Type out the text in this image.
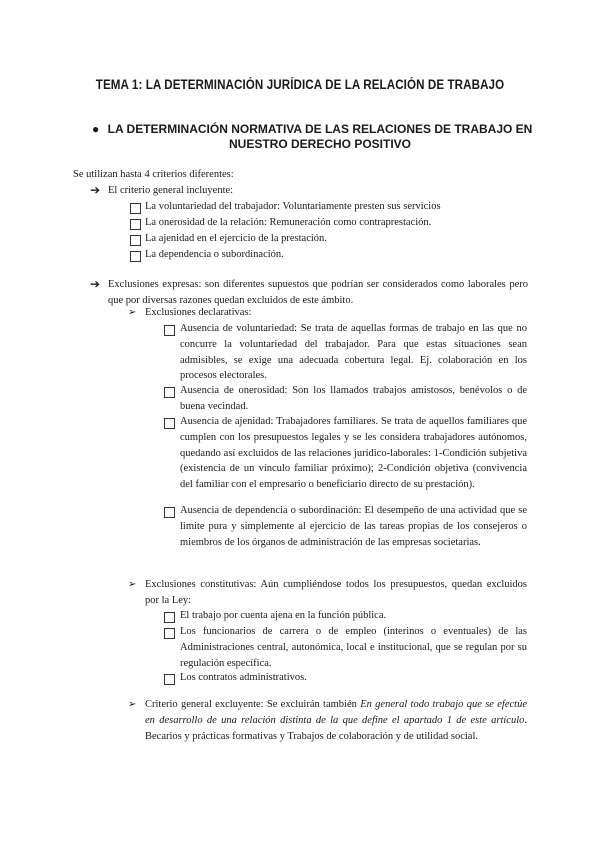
TEMA 1: LA DETERMINACIÓN JURÍDICA DE LA RELACIÓN DE TRABAJO
● LA DETERMINACIÓN NORMATIVA DE LAS RELACIONES DE TRABAJO EN NUESTRO DERECHO POSITIVO
Se utilizan hasta 4 criterios diferentes:
➔ El criterio general incluyente:
La voluntariedad del trabajador: Voluntariamente presten sus servicios
La onerosidad de la relación: Remuneración como contraprestación.
La ajenidad en el ejercicio de la prestación.
La dependencia o subordinación.
➔ Exclusiones expresas: son diferentes supuestos que podrían ser considerados como laborales pero que por diversas razones quedan excluidos de este ámbito.
➢ Exclusiones declarativas:
Ausencia de voluntariedad: Se trata de aquellas formas de trabajo en las que no concurre la voluntariedad del trabajador. Para que estas situaciones sean admisibles, se exige una adecuada cobertura legal. Ej. colaboración en los procesos electorales.
Ausencia de onerosidad: Son los llamados trabajos amistosos, benévolos o de buena vecindad.
Ausencia de ajenidad: Trabajadores familiares. Se trata de aquellos familiares que cumplen con los presupuestos legales y se les considera trabajadores autónomos, quedando así excluidos de las relaciones jurídico-laborales: 1-Condición subjetiva (existencia de un vínculo familiar próximo); 2-Condición objetiva (convivencia del familiar con el empresario o beneficiario directo de su prestación).
Ausencia de dependencia o subordinación: El desempeño de una actividad que se limite pura y simplemente al ejercicio de las tareas propias de los consejeros o miembros de los órganos de administración de las empresas societarias.
➢ Exclusiones constitutivas: Aún cumpliéndose todos los presupuestos, quedan excluidos por la Ley:
El trabajo por cuenta ajena en la función pública.
Los funcionarios de carrera o de empleo (interinos o eventuales) de las Administraciones central, autonómica, local e institucional, que se regulan por su regulación específica.
Los contratos administrativos.
➢ Criterio general excluyente: Se excluirán también En general todo trabajo que se efectúe en desarrollo de una relación distinta de la que define el apartado 1 de este artículo. Becarios y prácticas formativas y Trabajos de colaboración y de utilidad social.
